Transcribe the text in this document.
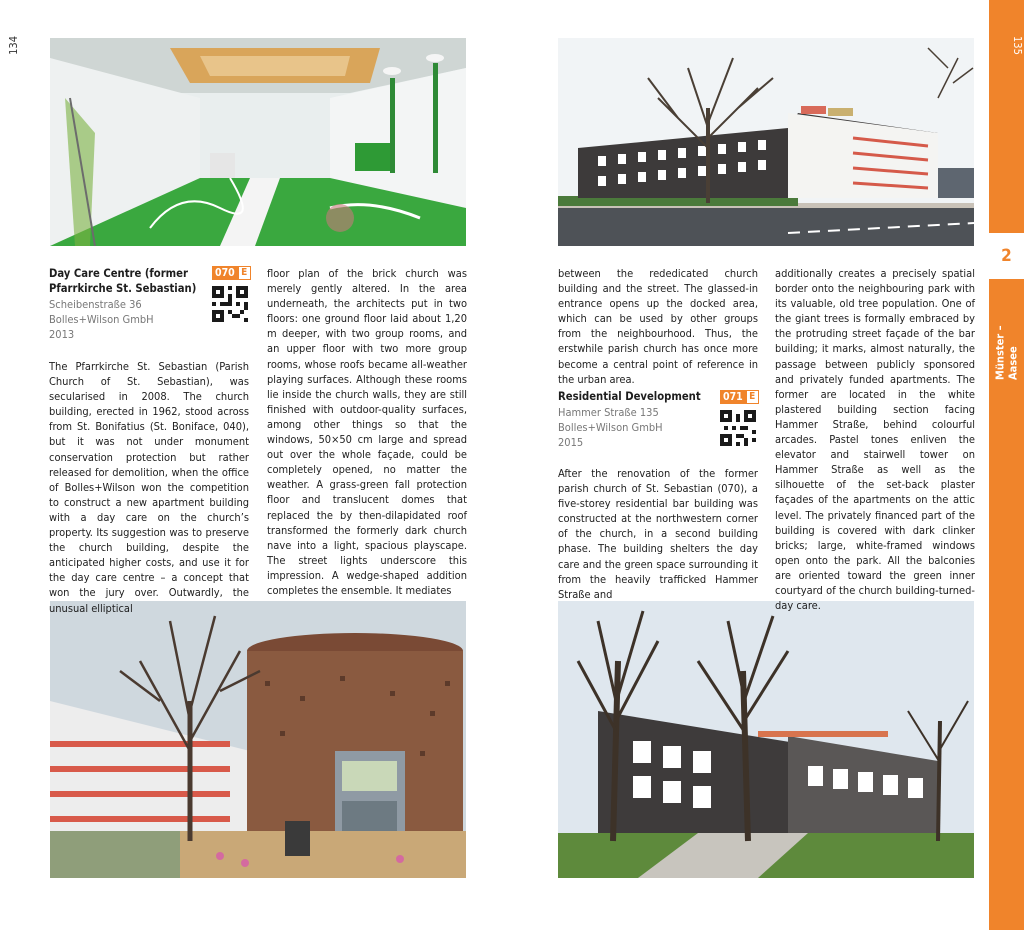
134	135
2
Münster – Aasee
Day Care Centre (former
Pfarrkirche St. Sebastian)
070 E
Scheibenstraße 36
Bolles+Wilson GmbH
2013

The Pfarrkirche St. Sebastian (Parish Church of St. Sebastian), was secularised in 2008. The church building, erected in 1962, stood across from St. Bonifatius (St. Boniface, 040), but it was not under monument conservation protection but rather released for demolition, when the office of Bolles+Wilson won the competition to construct a new apartment building with a day care on the church’s property. Its suggestion was to preserve the church building, despite the anticipated higher costs, and use it for the day care centre – a concept that won the jury over. Outwardly, the unusual elliptical

floor plan of the brick church was merely gently altered. In the area underneath, the architects put in two floors: one ground floor laid about 1,20 m deeper, with two group rooms, and an upper floor with two more group rooms, whose roofs became all-weather playing surfaces. Although these rooms lie inside the church walls, they are still finished with outdoor-quality surfaces, among other things so that the windows, 50×50 cm large and spread out over the whole façade, could be completely opened, no matter the weather. A grass-green fall protection floor and translucent domes that replaced the by then-dilapidated roof transformed the formerly dark church nave into a light, spacious playscape. The street lights underscore this impression. A wedge-shaped addition completes the ensemble. It mediates

between the rededicated church building and the street. The glassed-in entrance opens up the docked area, which can be used by other groups from the neighbourhood. Thus, the erstwhile parish church has once more become a central point of reference in the urban area.

Residential Development	071 E
Hammer Straße 135
Bolles+Wilson GmbH
2015

After the renovation of the former parish church of St. Sebastian (070), a five-storey residential bar building was constructed at the northwestern corner of the church, in a second building phase. The building shelters the day care and the green space surrounding it from the heavily trafficked Hammer Straße and

additionally creates a precisely spatial border onto the neighbouring park with its valuable, old tree population. One of the giant trees is formally embraced by the protruding street façade of the bar building; it marks, almost naturally, the passage between publicly sponsored and privately funded apartments. The former are located in the white plastered building section facing Hammer Straße, behind colourful arcades. Pastel tones enliven the elevator and stairwell tower on Hammer Straße as well as the silhouette of the set-back plaster façades of the apartments on the attic level. The privately financed part of the building is covered with dark clinker bricks; large, white-framed windows open onto the park. All the balconies are oriented toward the green inner courtyard of the church building-turned-day care.
